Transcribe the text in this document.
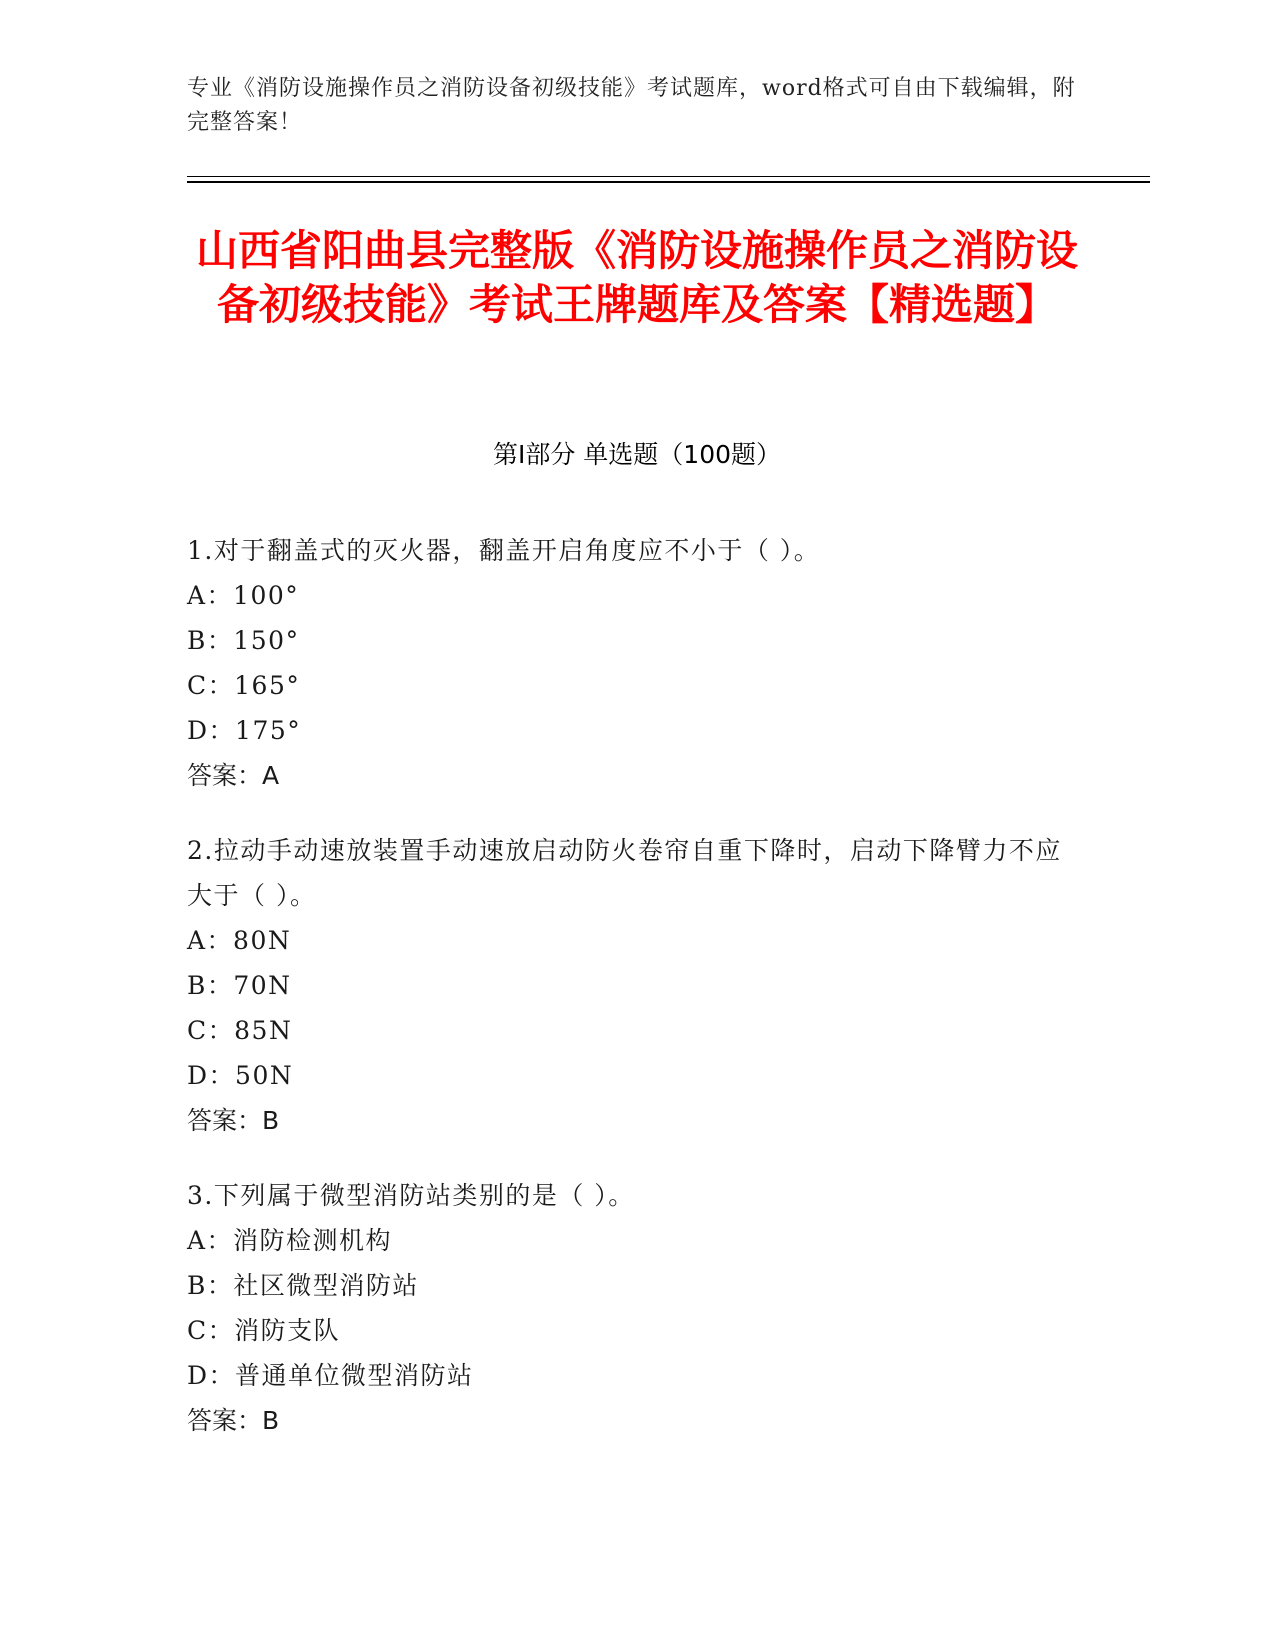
专业《消防设施操作员之消防设备初级技能》考试题库，word格式可自由下载编辑，附完整答案！
山西省阳曲县完整版《消防设施操作员之消防设备初级技能》考试王牌题库及答案【精选题】
第Ⅰ部分 单选题（100题）

1.对于翻盖式的灭火器，翻盖开启角度应不小于（ ）。

A：100°

B：150°

C：165°

D：175°

答案：A

2.拉动手动速放装置手动速放启动防火卷帘自重下降时，启动下降臂力不应大于（ ）。

A：80N

B：70N

C：85N

D：50N

答案：B

3.下列属于微型消防站类别的是（ ）。

A：消防检测机构

B：社区微型消防站

C：消防支队

D：普通单位微型消防站

答案：B
